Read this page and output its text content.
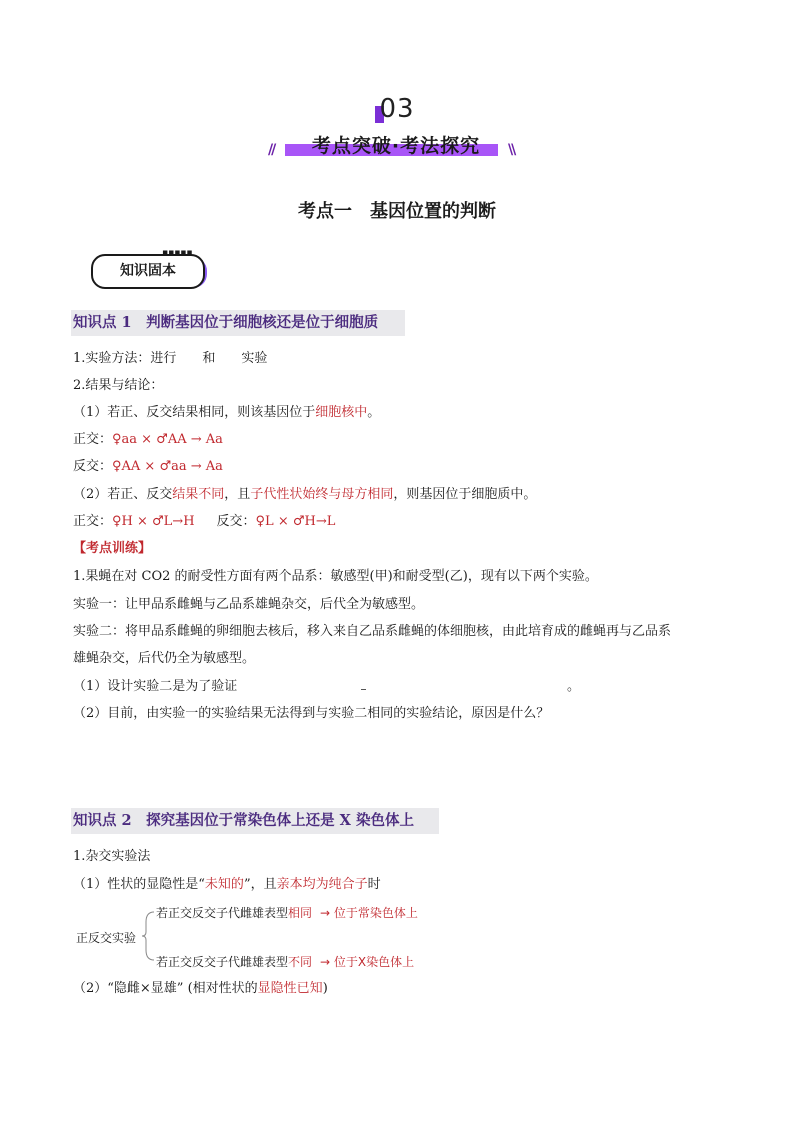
03
//	考点突破·考法探究	\\
考点一　基因位置的判断
知识固本
▪▪▪▪▪
知识点 1　判断基因位于细胞核还是位于细胞质
1.实验方法：进行　　和　　实验
2.结果与结论：
（1）若正、反交结果相同，则该基因位于细胞核中。
正交：♀aa × ♂AA → Aa
反交：♀AA × ♂aa → Aa
（2）若正、反交结果不同，且子代性状始终与母方相同，则基因位于细胞质中。
正交：♀H × ♂L→H 反交：♀L × ♂H→L
【考点训练】
1.果蝇在对 CO2 的耐受性方面有两个品系：敏感型(甲)和耐受型(乙)，现有以下两个实验。
实验一：让甲品系雌蝇与乙品系雄蝇杂交，后代全为敏感型。
实验二：将甲品系雌蝇的卵细胞去核后，移入来自乙品系雌蝇的体细胞核，由此培育成的雌蝇再与乙品系
雄蝇杂交，后代仍全为敏感型。
（1）设计实验二是为了验证	。
（2）目前，由实验一的实验结果无法得到与实验二相同的实验结论，原因是什么？
知识点 2　探究基因位于常染色体上还是 X 染色体上
1.杂交实验法
（1）性状的显隐性是“未知的”，且亲本均为纯合子时
正反交实验
若正交反交子代雌雄表型相同 → 位于常染色体上
若正交反交子代雌雄表型不同 → 位于X染色体上
（2）“隐雌×显雄” (相对性状的显隐性已知)
